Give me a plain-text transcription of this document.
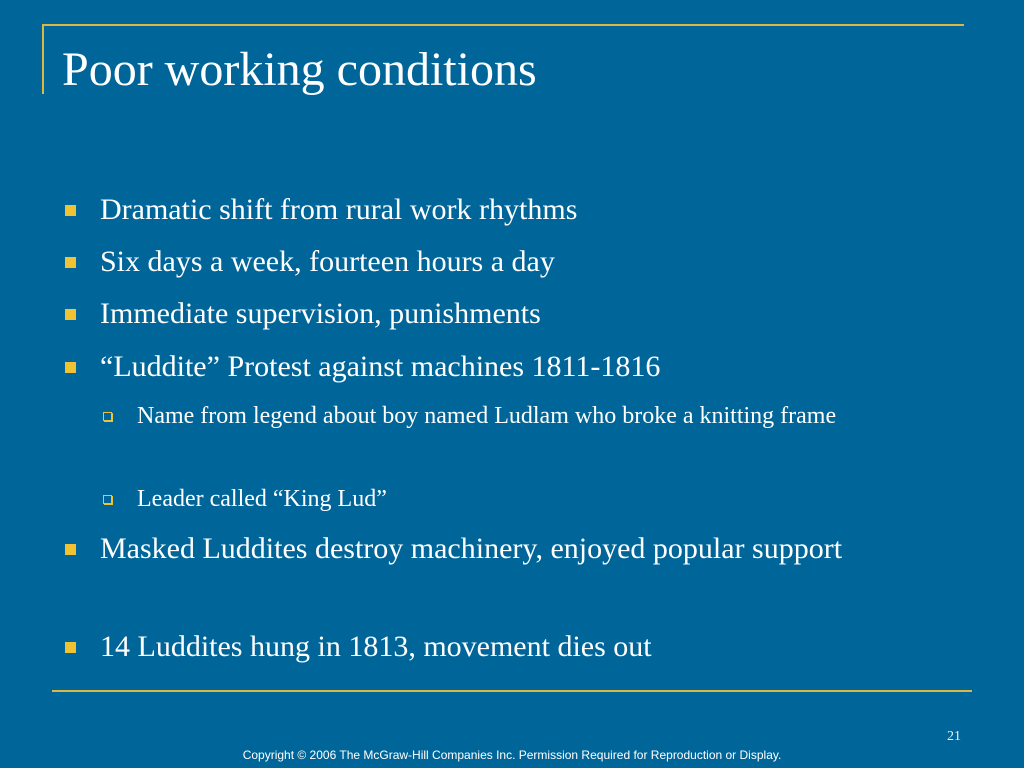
Poor working conditions
Dramatic shift from rural work rhythms
Six days a week, fourteen hours a day
Immediate supervision, punishments
“Luddite” Protest against machines 1811-1816
Name from legend about boy named Ludlam who broke a knitting frame
Leader called “King Lud”
Masked Luddites destroy machinery, enjoyed popular support
14 Luddites hung in 1813, movement dies out
21
Copyright © 2006 The McGraw-Hill Companies Inc. Permission Required for Reproduction or Display.
